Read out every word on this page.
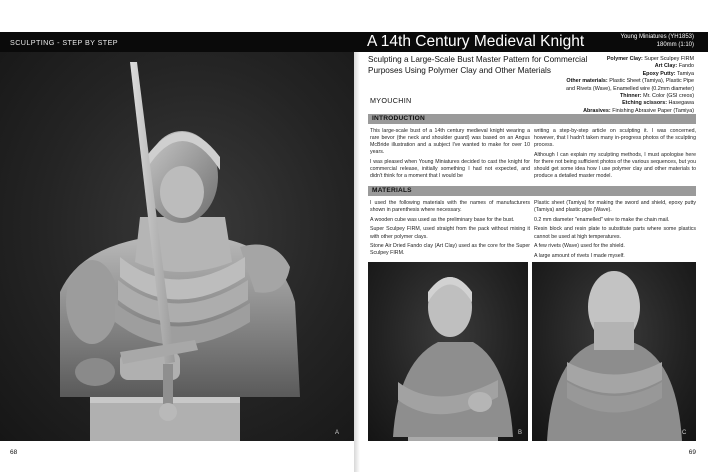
SCULPTING - STEP BY STEP	A 14th Century Medieval Knight	Young Miniatures (YH1853)
180mm (1:10)
A
Sculpting a Large-Scale Bust Master Pattern for Commercial Purposes Using Polymer Clay and Other Materials
MYOUCHIN
Polymer Clay: Super Sculpey FIRM
Art Clay: Fando
Epoxy Putty: Tamiya
Other materials: Plastic Sheet (Tamiya), Plastic Pipe
and Rivets (Wave), Enamelled wire (0.2mm diameter)
Thinner: Mr. Color (GSI creos)
Etching scissors: Hasegawa
Abrasives: Finishing Abrasive Paper (Tamiya)
INTRODUCTION

This large-scale bust of a 14th century medieval knight wearing a rare bevor (the neck and shoulder guard) was based on an Angus McBride illustration and a subject I've wanted to make for over 10 years.

I was pleased when Young Miniatures decided to cast the knight for commercial release, initially something I had not expected, and didn't think for a moment that I would be

writing a step-by-step article on sculpting it. I was concerned, however, that I hadn't taken many in-progress photos of the sculpting process.

Although I can explain my sculpting methods, I must apologise here for there not being sufficient photos of the various sequences, but you should get some idea how I use polymer clay and other materials to produce a detailed master model.

MATERIALS

I used the following materials with the names of manufacturers shown in parenthesis where necessary.

A wooden cube was used as the preliminary base for the bust.

Super Sculpey FIRM, used straight from the pack without mixing it with other polymer clays.

Stone Air Dried Fando clay (Art Clay) used as the core for the Super Sculpey FIRM.

Plastic sheet (Tamiya) for making the sword and shield, epoxy putty (Tamiya) and plastic pipe (Wave).

0.2 mm diameter "enamelled" wire to make the chain mail.

Resin block and resin plate to substitute parts where some plastics cannot be used at high temperatures.

A few rivets (Wave) used for the shield.

A large amount of rivets I made myself.

B	C
68	69
